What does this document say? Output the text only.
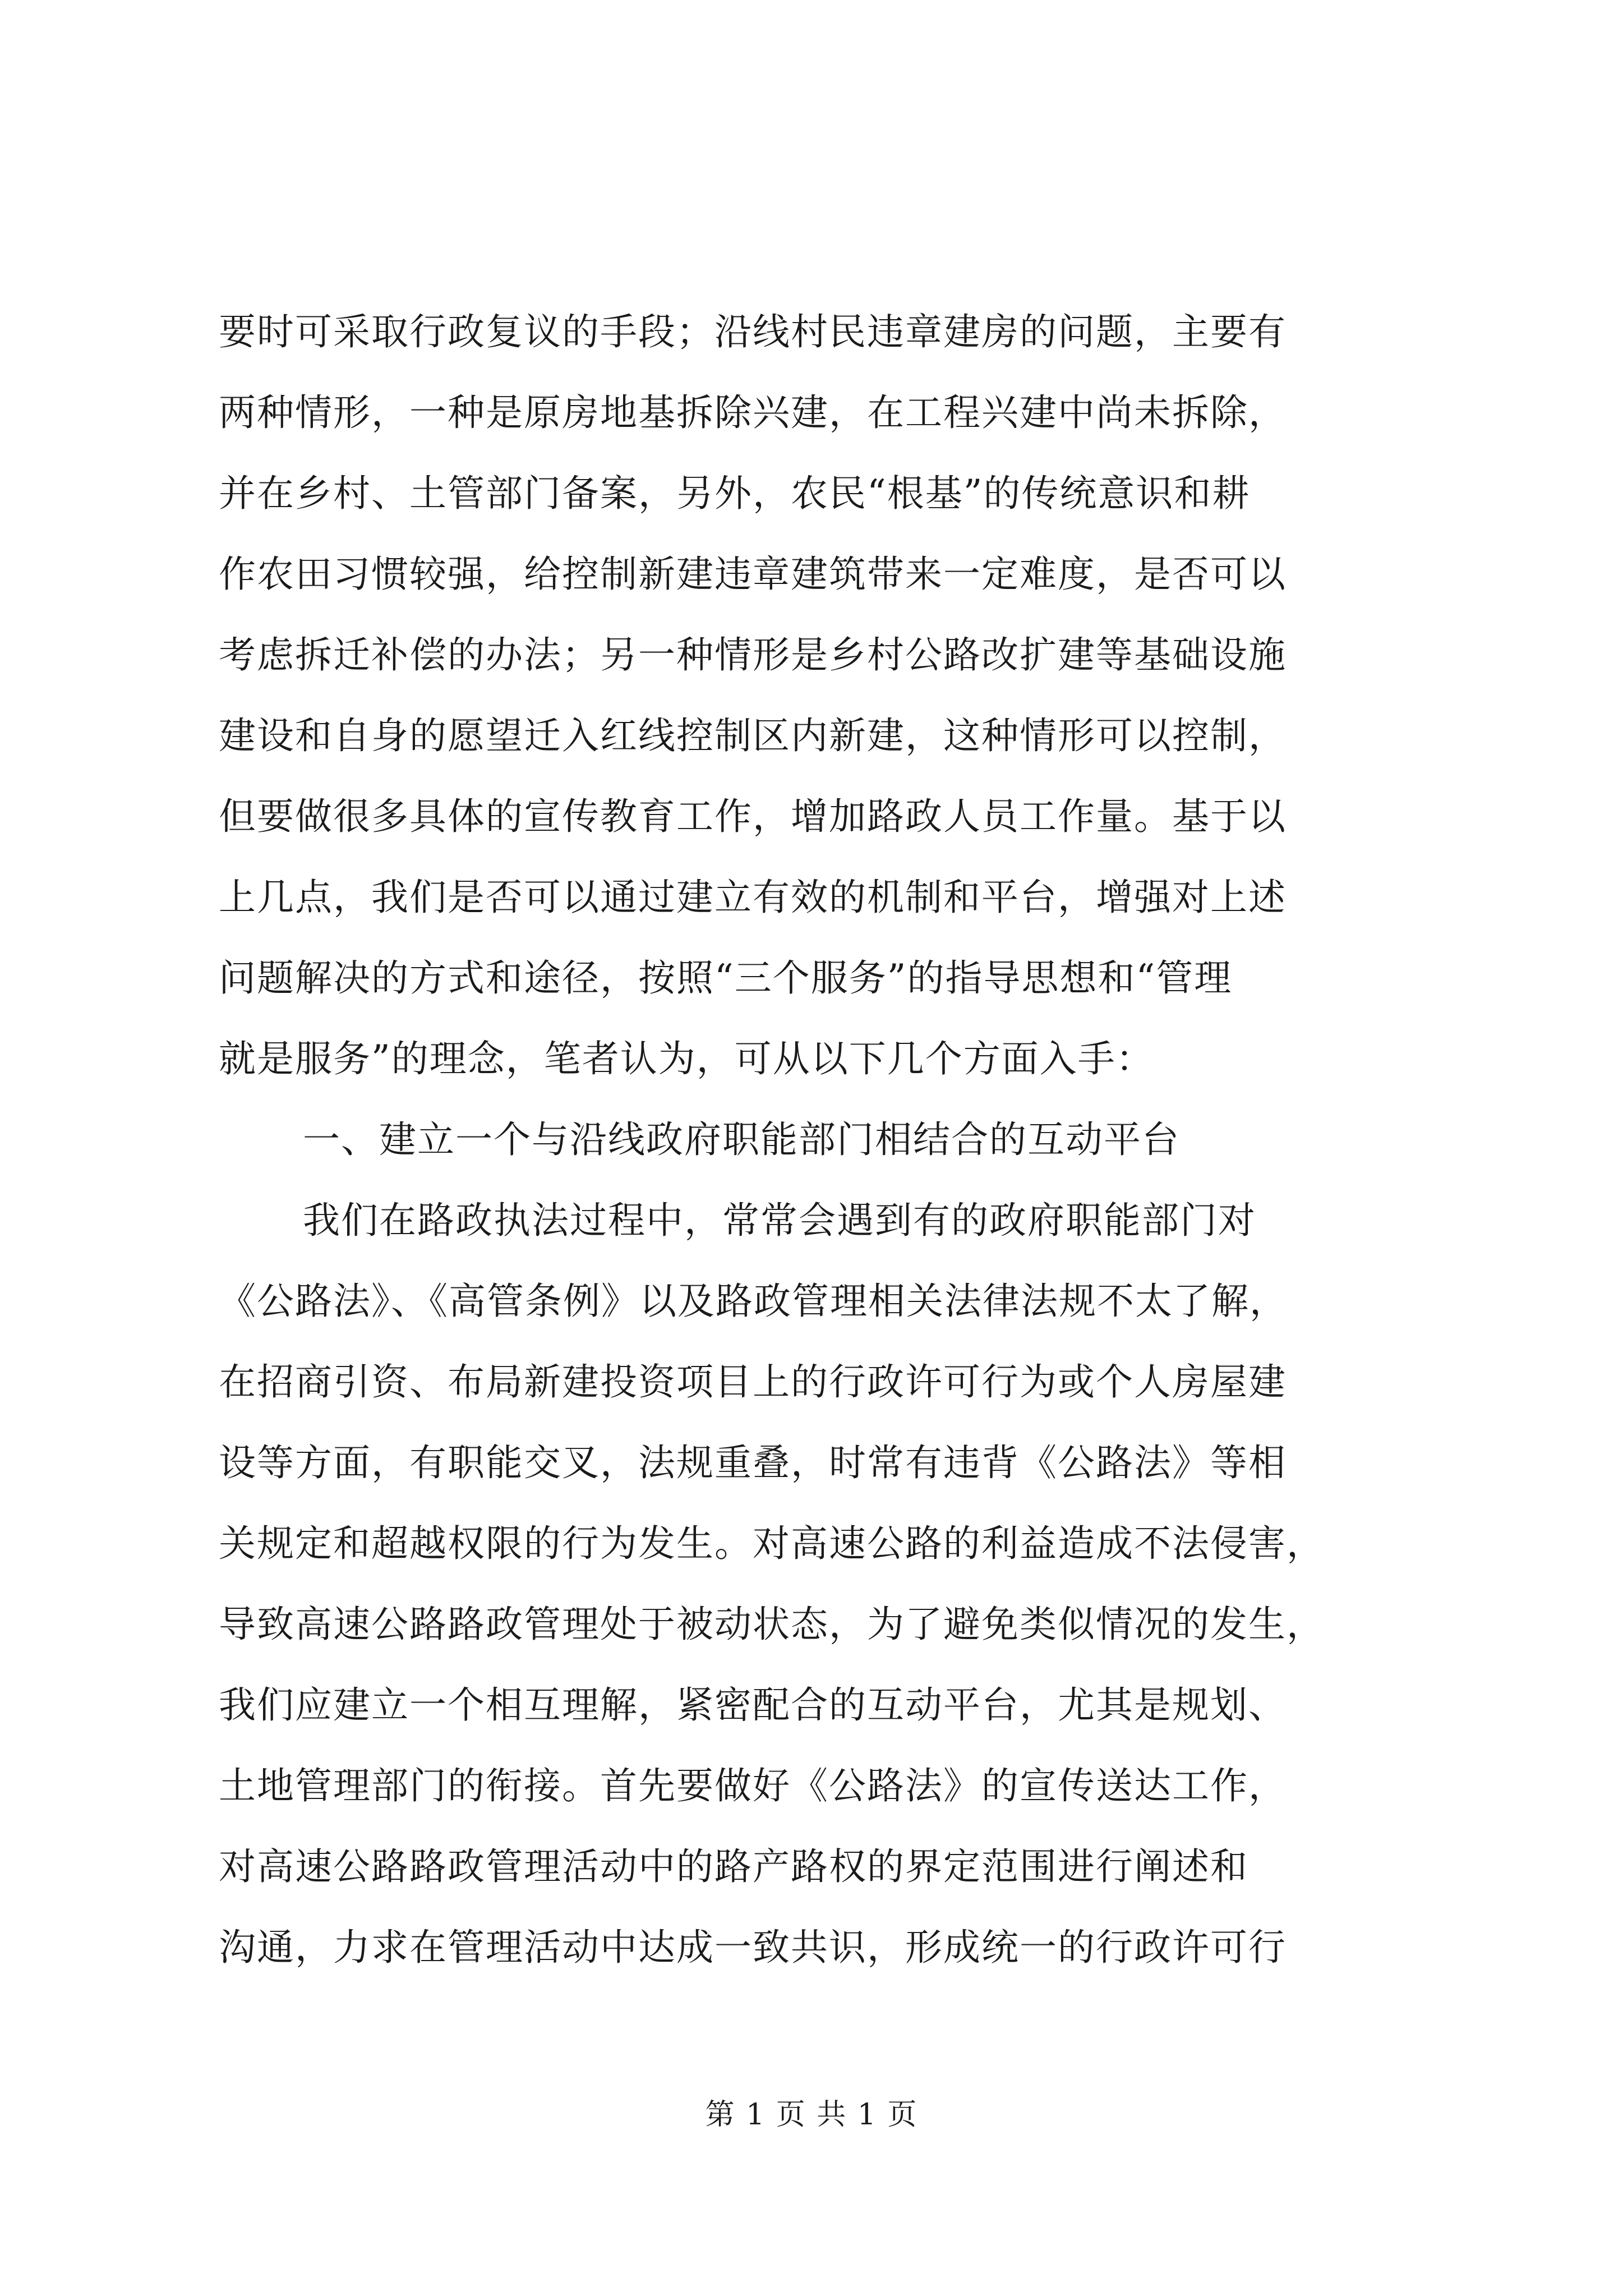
要时可采取行政复议的手段；沿线村民违章建房的问题，主要有
两种情形，一种是原房地基拆除兴建，在工程兴建中尚未拆除，
并在乡村、土管部门备案，另外，农民“根基”的传统意识和耕
作农田习惯较强，给控制新建违章建筑带来一定难度，是否可以
考虑拆迁补偿的办法；另一种情形是乡村公路改扩建等基础设施
建设和自身的愿望迁入红线控制区内新建，这种情形可以控制，
但要做很多具体的宣传教育工作，增加路政人员工作量。基于以
上几点，我们是否可以通过建立有效的机制和平台，增强对上述
问题解决的方式和途径，按照“三个服务”的指导思想和“管理
就是服务”的理念，笔者认为，可从以下几个方面入手：
一、建立一个与沿线政府职能部门相结合的互动平台
我们在路政执法过程中，常常会遇到有的政府职能部门对
《公路法》、《高管条例》以及路政管理相关法律法规不太了解，
在招商引资、布局新建投资项目上的行政许可行为或个人房屋建
设等方面，有职能交叉，法规重叠，时常有违背《公路法》等相
关规定和超越权限的行为发生。对高速公路的利益造成不法侵害，
导致高速公路路政管理处于被动状态，为了避免类似情况的发生，
我们应建立一个相互理解，紧密配合的互动平台，尤其是规划、
土地管理部门的衔接。首先要做好《公路法》的宣传送达工作，
对高速公路路政管理活动中的路产路权的界定范围进行阐述和
沟通，力求在管理活动中达成一致共识，形成统一的行政许可行
第 1 页 共 1 页
